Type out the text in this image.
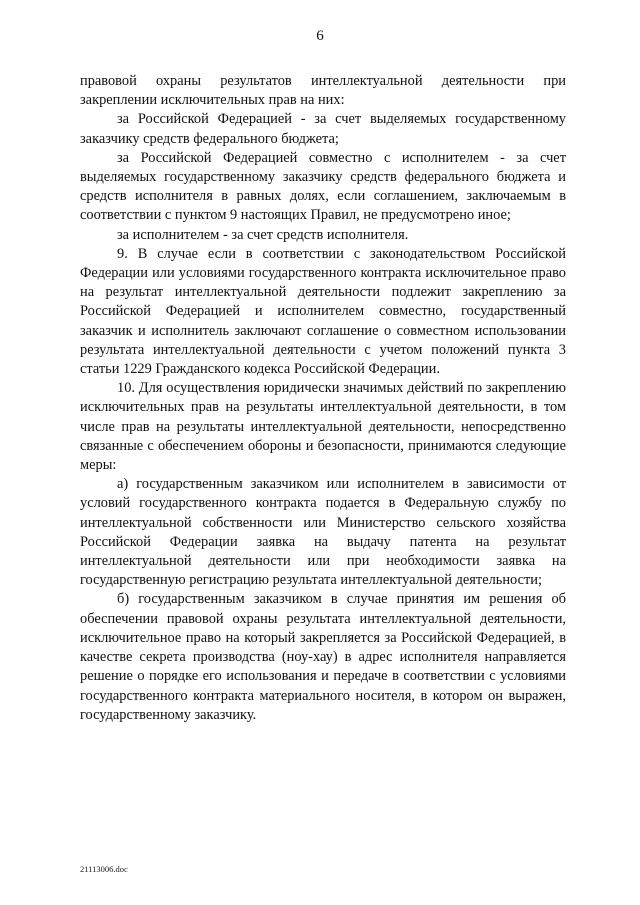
6

правовой охраны результатов интеллектуальной деятельности при закреплении исключительных прав на них:

за Российской Федерацией - за счет выделяемых государственному заказчику средств федерального бюджета;

за Российской Федерацией совместно с исполнителем - за счет выделяемых государственному заказчику средств федерального бюджета и средств исполнителя в равных долях, если соглашением, заключаемым в соответствии с пунктом 9 настоящих Правил, не предусмотрено иное;

за исполнителем - за счет средств исполнителя.

9. В случае если в соответствии с законодательством Российской Федерации или условиями государственного контракта исключительное право на результат интеллектуальной деятельности подлежит закреплению за Российской Федерацией и исполнителем совместно, государственный заказчик и исполнитель заключают соглашение о совместном использовании результата интеллектуальной деятельности с учетом положений пункта 3 статьи 1229 Гражданского кодекса Российской Федерации.

10. Для осуществления юридически значимых действий по закреплению исключительных прав на результаты интеллектуальной деятельности, в том числе прав на результаты интеллектуальной деятельности, непосредственно связанные с обеспечением обороны и безопасности, принимаются следующие меры:

а) государственным заказчиком или исполнителем в зависимости от условий государственного контракта подается в Федеральную службу по интеллектуальной собственности или Министерство сельского хозяйства Российской Федерации заявка на выдачу патента на результат интеллектуальной деятельности или при необходимости заявка на государственную регистрацию результата интеллектуальной деятельности;

б) государственным заказчиком в случае принятия им решения об обеспечении правовой охраны результата интеллектуальной деятельности, исключительное право на который закрепляется за Российской Федерацией, в качестве секрета производства (ноу-хау) в адрес исполнителя направляется решение о порядке его использования и передаче в соответствии с условиями государственного контракта материального носителя, в котором он выражен, государственному заказчику.

21113006.doc
